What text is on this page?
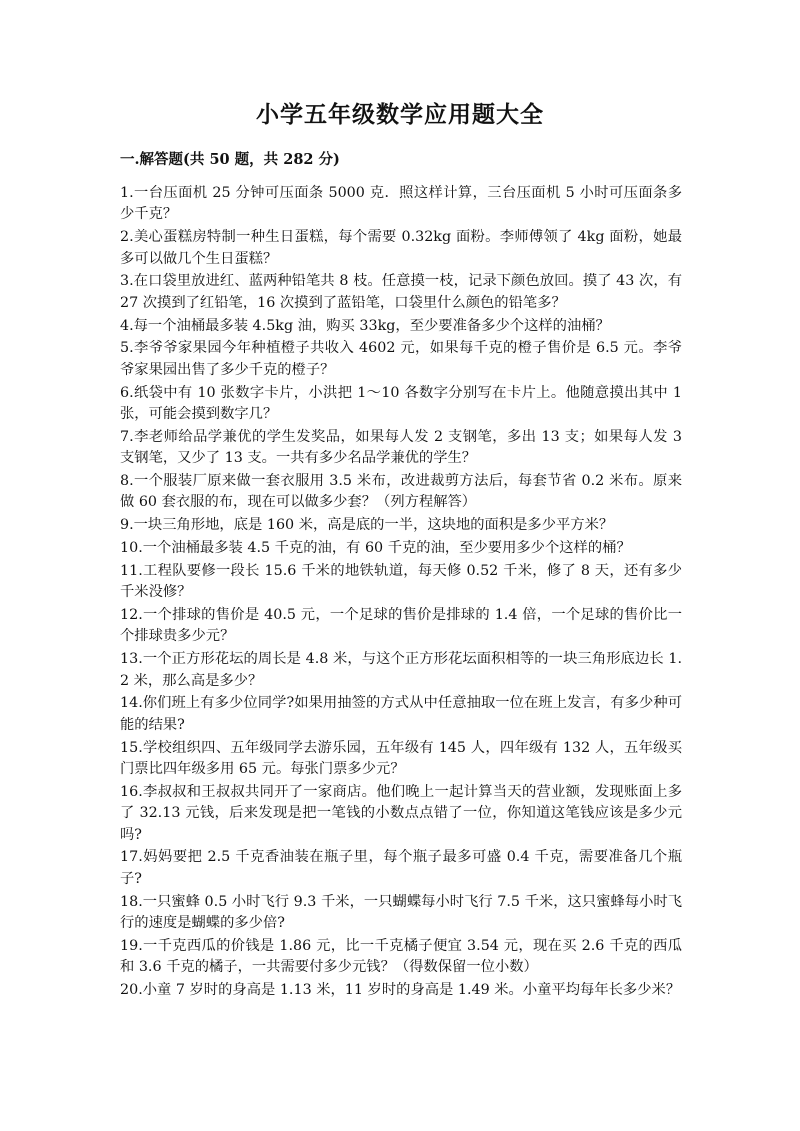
小学五年级数学应用题大全
一.解答题(共 50 题，共 282 分)
1.一台压面机 25 分钟可压面条 5000 克．照这样计算，三台压面机 5 小时可压面条多少千克？
2.美心蛋糕房特制一种生日蛋糕，每个需要 0.32kg 面粉。李师傅领了 4kg 面粉，她最多可以做几个生日蛋糕？
3.在口袋里放进红、蓝两种铅笔共 8 枝。任意摸一枝，记录下颜色放回。摸了 43 次，有 27 次摸到了红铅笔，16 次摸到了蓝铅笔，口袋里什么颜色的铅笔多？
4.每一个油桶最多装 4.5kg 油，购买 33kg，至少要准备多少个这样的油桶？
5.李爷爷家果园今年种植橙子共收入 4602 元，如果每千克的橙子售价是 6.5 元。李爷爷家果园出售了多少千克的橙子？
6.纸袋中有 10 张数字卡片，小洪把 1～10 各数字分别写在卡片上。他随意摸出其中 1 张，可能会摸到数字几？
7.李老师给品学兼优的学生发奖品，如果每人发 2 支钢笔，多出 13 支；如果每人发 3 支钢笔，又少了 13 支。一共有多少名品学兼优的学生？
8.一个服装厂原来做一套衣服用 3.5 米布，改进裁剪方法后，每套节省 0.2 米布。原来做 60 套衣服的布，现在可以做多少套？（列方程解答）
9.一块三角形地，底是 160 米，高是底的一半，这块地的面积是多少平方米？
10.一个油桶最多装 4.5 千克的油，有 60 千克的油，至少要用多少个这样的桶？
11.工程队要修一段长 15.6 千米的地铁轨道，每天修 0.52 千米，修了 8 天，还有多少千米没修？
12.一个排球的售价是 40.5 元，一个足球的售价是排球的 1.4 倍，一个足球的售价比一个排球贵多少元？
13.一个正方形花坛的周长是 4.8 米，与这个正方形花坛面积相等的一块三角形底边长 1.2 米，那么高是多少？
14.你们班上有多少位同学?如果用抽签的方式从中任意抽取一位在班上发言，有多少种可能的结果?
15.学校组织四、五年级同学去游乐园，五年级有 145 人，四年级有 132 人，五年级买门票比四年级多用 65 元。每张门票多少元？
16.李叔叔和王叔叔共同开了一家商店。他们晚上一起计算当天的营业额，发现账面上多了 32.13 元钱，后来发现是把一笔钱的小数点点错了一位，你知道这笔钱应该是多少元吗?
17.妈妈要把 2.5 千克香油装在瓶子里，每个瓶子最多可盛 0.4 千克，需要准备几个瓶子?
18.一只蜜蜂 0.5 小时飞行 9.3 千米，一只蝴蝶每小时飞行 7.5 千米，这只蜜蜂每小时飞行的速度是蝴蝶的多少倍?
19.一千克西瓜的价钱是 1.86 元，比一千克橘子便宜 3.54 元，现在买 2.6 千克的西瓜和 3.6 千克的橘子，一共需要付多少元钱？（得数保留一位小数）
20.小童 7 岁时的身高是 1.13 米，11 岁时的身高是 1.49 米。小童平均每年长多少米？
